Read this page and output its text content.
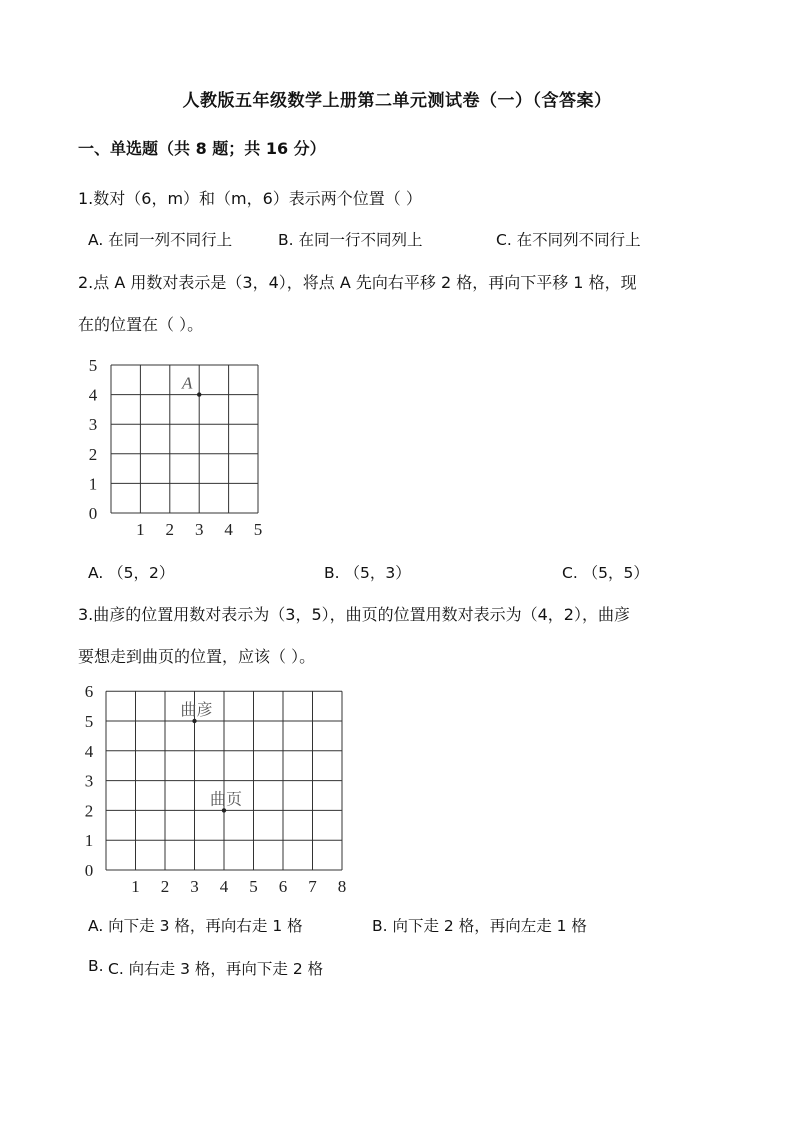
人教版五年级数学上册第二单元测试卷（一）（含答案）
一、单选题（共 8 题；共 16 分）
1.数对（6，m）和（m，6）表示两个位置（ ）
A. 在同一列不同行上	B. 在同一行不同列上	C. 在不同列不同行上
2.点 A 用数对表示是（3，4），将点 A 先向右平移 2 格，再向下平移 1 格，现
在的位置在（ ）。
0
1
2
3
4
5
1 2 3 4 5
A
A. （5，2）	B. （5，3）	C. （5，5）
3.曲彦的位置用数对表示为（3，5），曲页的位置用数对表示为（4，2），曲彦
要想走到曲页的位置，应该（ ）。
0
1
2
3
4
5
6
1 2 3 4 5 6 7 8
曲彦
曲页
A. 向下走 3 格，再向右走 1 格	B. 向下走 2 格，再向左走 1 格
B. C. 向右走 3 格，再向下走 2 格
